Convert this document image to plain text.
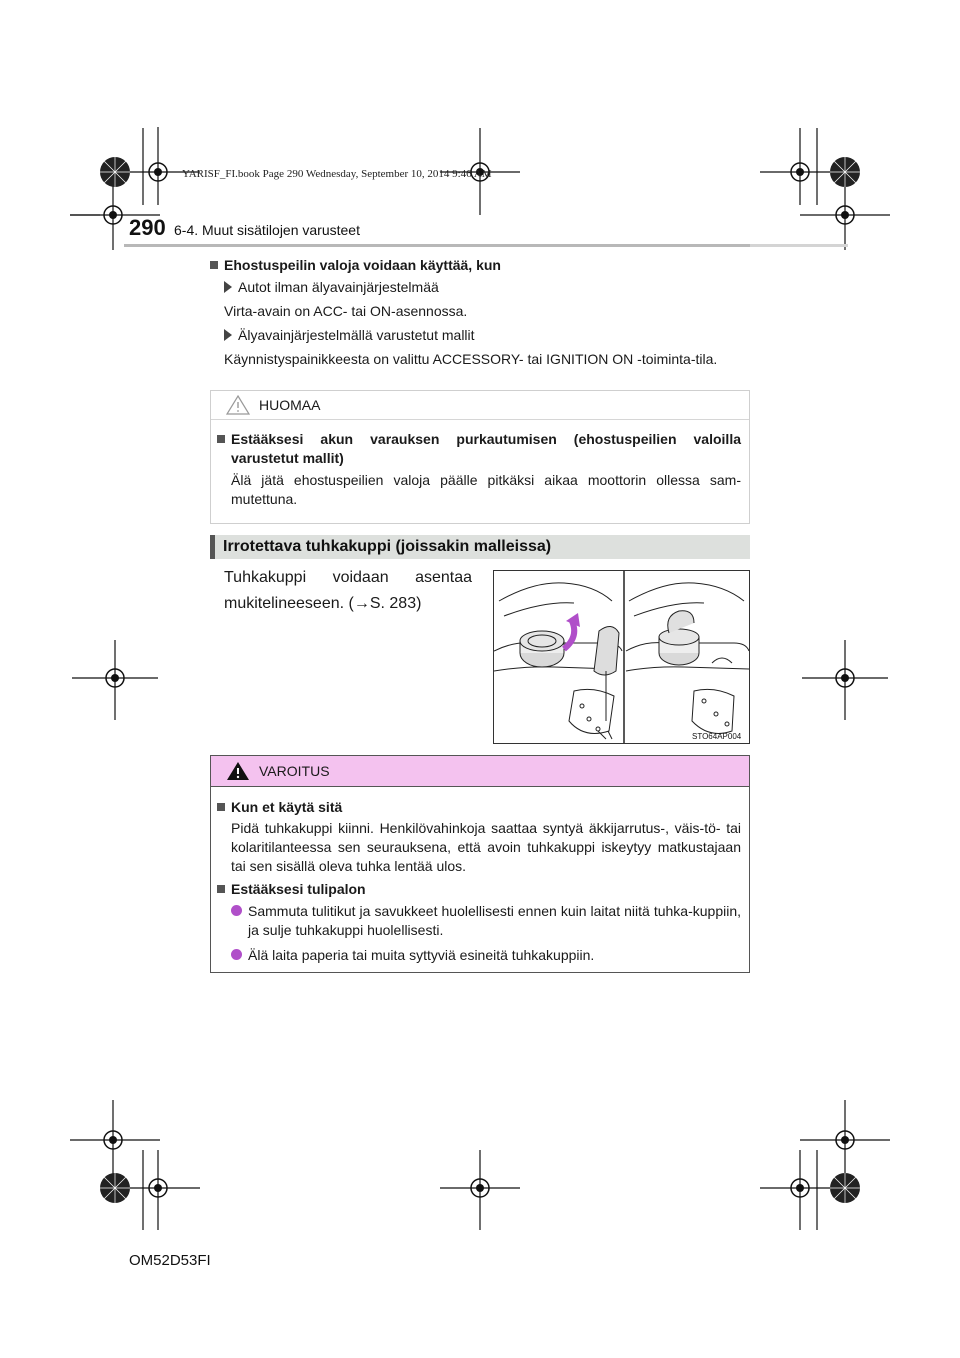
YARISF_FI.book Page 290 Wednesday, September 10, 2014 9:46 AM
290 6-4. Muut sisätilojen varusteet
Ehostuspeilin valoja voidaan käyttää, kun
Autot ilman älyavainjärjestelmää
Virta-avain on ACC- tai ON-asennossa.
Älyavainjärjestelmällä varustetut mallit
Käynnistyspainikkeesta on valittu ACCESSORY- tai IGNITION ON -toiminta-tila.
HUOMAA
Estääksesi akun varauksen purkautumisen (ehostuspeilien valoilla varustetut mallit)
Älä jätä ehostuspeilien valoja päälle pitkäksi aikaa moottorin ollessa sam-mutettuna.
Irrotettava tuhkakuppi (joissakin malleissa)
Tuhkakuppi voidaan asentaa
mukitelineeseen. (→S. 283)
STO64AP004
VAROITUS
Kun et käytä sitä
Pidä tuhkakuppi kiinni. Henkilövahinkoja saattaa syntyä äkkijarrutus-, väis-tö- tai kolaritilanteessa sen seurauksena, että avoin tuhkakuppi iskeytyy matkustajaan tai sen sisällä oleva tuhka lentää ulos.
Estääksesi tulipalon
Sammuta tulitikut ja savukkeet huolellisesti ennen kuin laitat niitä tuhka-kuppiin, ja sulje tuhkakuppi huolellisesti.
Älä laita paperia tai muita syttyviä esineitä tuhkakuppiin.
OM52D53FI
